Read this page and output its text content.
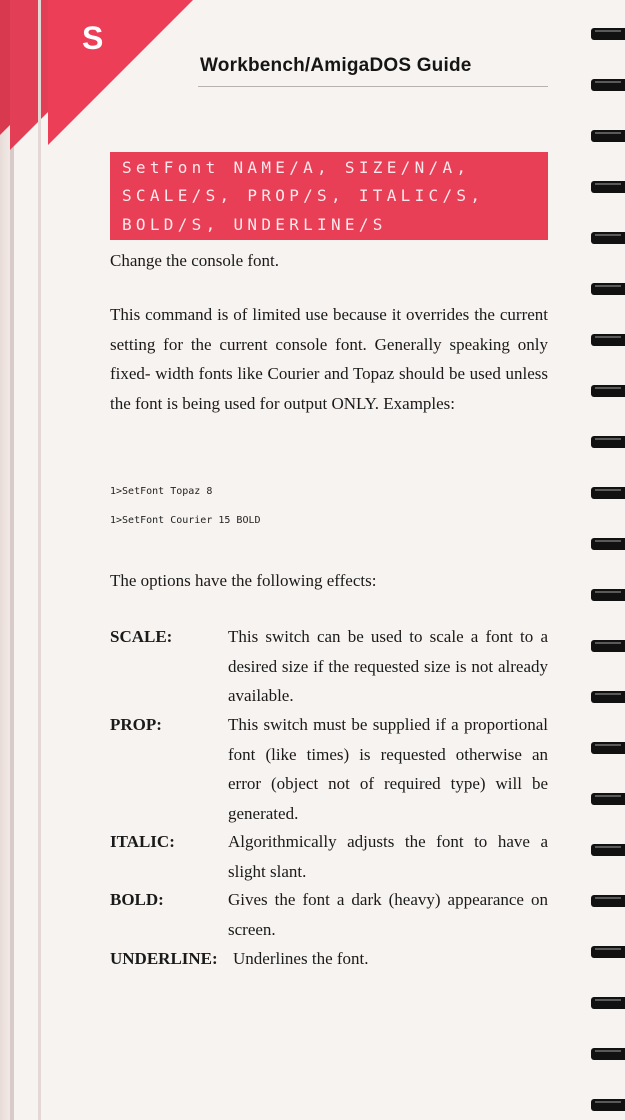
S
Workbench/AmigaDOS Guide
SetFont NAME/A, SIZE/N/A,
SCALE/S, PROP/S, ITALIC/S,
BOLD/S, UNDERLINE/S

Change the console font.

This command is of limited use because it overrides the current setting for the current console font. Generally speaking only fixed- width fonts like Courier and Topaz should be used unless the font is being used for output ONLY. Examples:

1>SetFont Topaz 8
1>SetFont Courier 15 BOLD

The options have the following effects:

SCALE:	This switch can be used to scale a font to a desired size if the requested size is not already available.

PROP:	This switch must be supplied if a proportional font (like times) is requested otherwise an error (object not of required type) will be generated.

ITALIC:	Algorithmically adjusts the font to have a slight slant.

BOLD:	Gives the font a dark (heavy) appearance on screen.

UNDERLINE: Underlines the font.
